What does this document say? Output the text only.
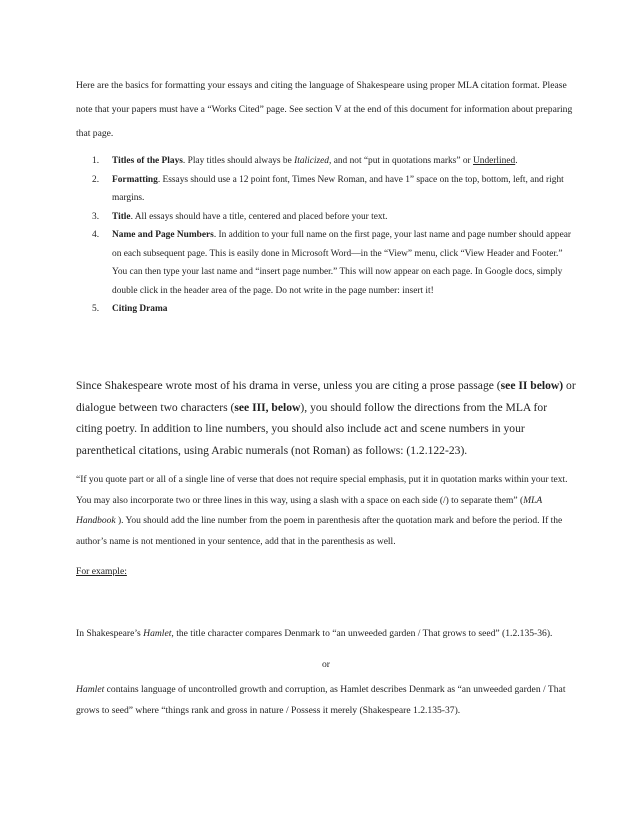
Here are the basics for formatting your essays and citing the language of Shakespeare using proper MLA citation format. Please note that your papers must have a “Works Cited” page. See section V at the end of this document for information about preparing that page.

1. Titles of the Plays. Play titles should always be Italicized, and not “put in quotations marks” or Underlined.
2. Formatting. Essays should use a 12 point font, Times New Roman, and have 1” space on the top, bottom, left, and right margins.
3. Title. All essays should have a title, centered and placed before your text.
4. Name and Page Numbers. In addition to your full name on the first page, your last name and page number should appear on each subsequent page. This is easily done in Microsoft Word—in the “View” menu, click “View Header and Footer.” You can then type your last name and “insert page number.” This will now appear on each page. In Google docs, simply double click in the header area of the page. Do not write in the page number: insert it!
5. Citing Drama

Since Shakespeare wrote most of his drama in verse, unless you are citing a prose passage (see II below) or dialogue between two characters (see III, below), you should follow the directions from the MLA for citing poetry. In addition to line numbers, you should also include act and scene numbers in your parenthetical citations, using Arabic numerals (not Roman) as follows: (1.2.122-23).

“If you quote part or all of a single line of verse that does not require special emphasis, put it in quotation marks within your text. You may also incorporate two or three lines in this way, using a slash with a space on each side (/) to separate them” (MLA Handbook ). You should add the line number from the poem in parenthesis after the quotation mark and before the period. If the author’s name is not mentioned in your sentence, add that in the parenthesis as well.

For example:

In Shakespeare’s Hamlet, the title character compares Denmark to “an unweeded garden / That grows to seed” (1.2.135-36).

or

Hamlet contains language of uncontrolled growth and corruption, as Hamlet describes Denmark as “an unweeded garden / That grows to seed” where “things rank and gross in nature / Possess it merely (Shakespeare 1.2.135-37).
